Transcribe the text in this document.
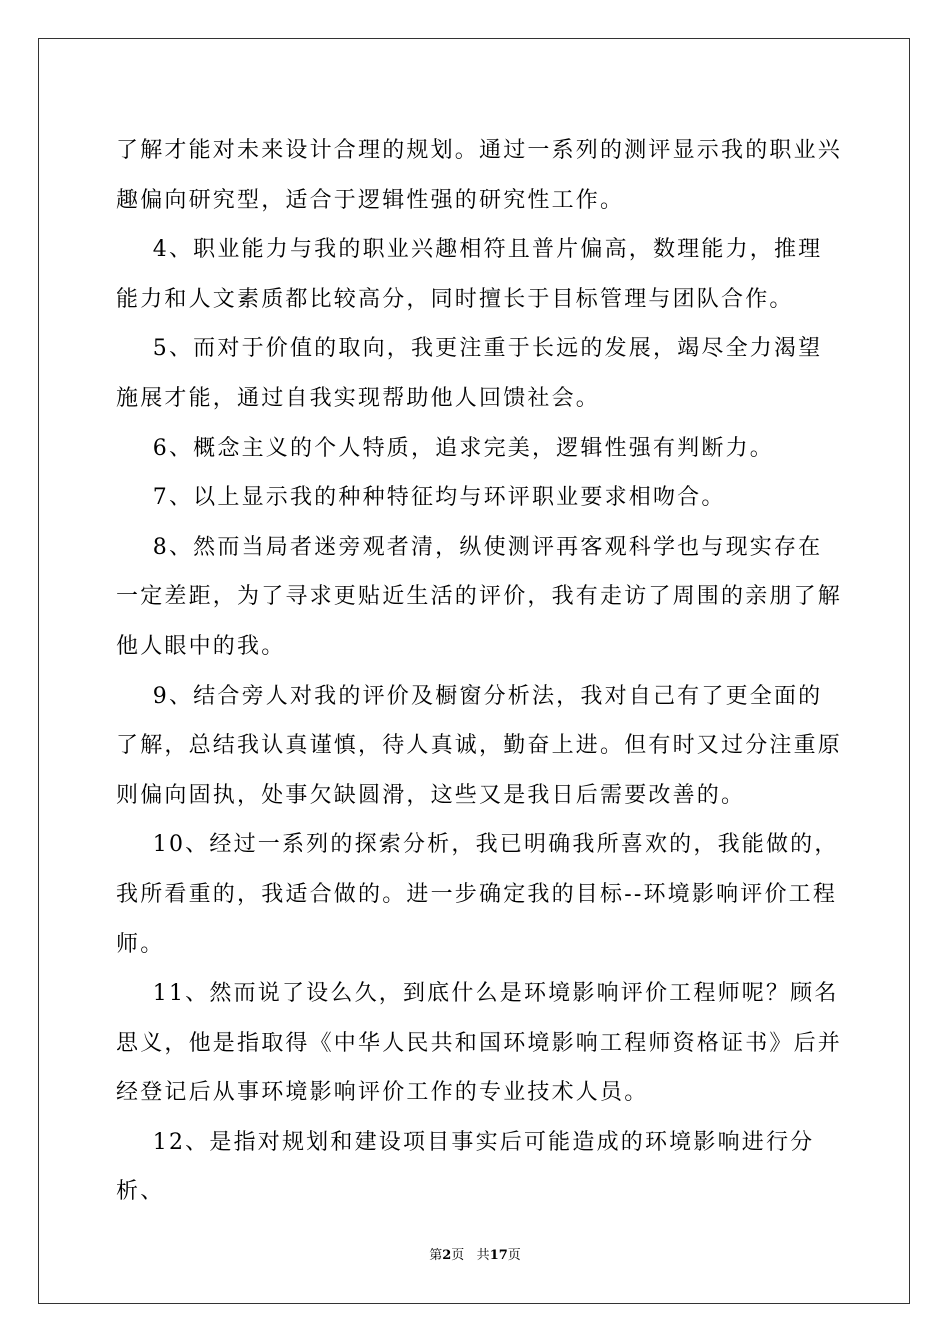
了解才能对未来设计合理的规划。通过一系列的测评显示我的职业兴趣偏向研究型，适合于逻辑性强的研究性工作。

4、职业能力与我的职业兴趣相符且普片偏高，数理能力，推理能力和人文素质都比较高分，同时擅长于目标管理与团队合作。

5、而对于价值的取向，我更注重于长远的发展，竭尽全力渴望施展才能，通过自我实现帮助他人回馈社会。

6、概念主义的个人特质，追求完美，逻辑性强有判断力。

7、以上显示我的种种特征均与环评职业要求相吻合。

8、然而当局者迷旁观者清，纵使测评再客观科学也与现实存在一定差距，为了寻求更贴近生活的评价，我有走访了周围的亲朋了解他人眼中的我。

9、结合旁人对我的评价及橱窗分析法，我对自己有了更全面的了解，总结我认真谨慎，待人真诚，勤奋上进。但有时又过分注重原则偏向固执，处事欠缺圆滑，这些又是我日后需要改善的。

10、经过一系列的探索分析，我已明确我所喜欢的，我能做的，我所看重的，我适合做的。进一步确定我的目标--环境影响评价工程师。

11、然而说了设么久，到底什么是环境影响评价工程师呢？顾名思义，他是指取得《中华人民共和国环境影响工程师资格证书》后并经登记后从事环境影响评价工作的专业技术人员。

12、是指对规划和建设项目事实后可能造成的环境影响进行分析、

第2页 共17页
